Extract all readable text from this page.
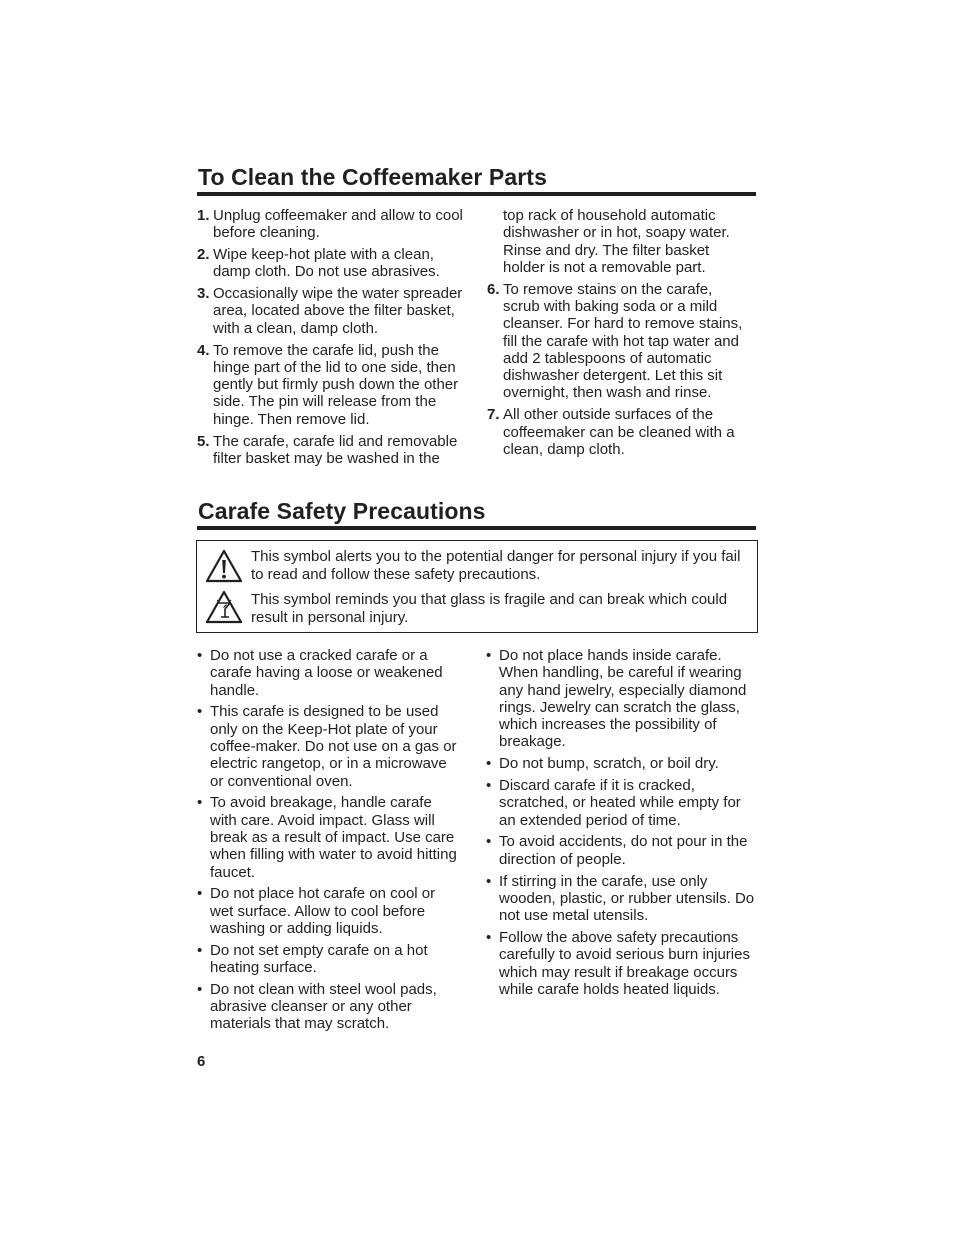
To Clean the Coffeemaker Parts
1. Unplug coffeemaker and allow to cool before cleaning.
2. Wipe keep-hot plate with a clean, damp cloth. Do not use abrasives.
3. Occasionally wipe the water spreader area, located above the filter basket, with a clean, damp cloth.
4. To remove the carafe lid, push the hinge part of the lid to one side, then gently but firmly push down the other side. The pin will release from the hinge. Then remove lid.
5. The carafe, carafe lid and removable filter basket may be washed in the
top rack of household automatic dishwasher or in hot, soapy water. Rinse and dry. The filter basket holder is not a removable part.
6. To remove stains on the carafe, scrub with baking soda or a mild cleanser. For hard to remove stains, fill the carafe with hot tap water and add 2 tablespoons of automatic dishwasher detergent. Let this sit overnight, then wash and rinse.
7. All other outside surfaces of the coffeemaker can be cleaned with a clean, damp cloth.
Carafe Safety Precautions
This symbol alerts you to the potential danger for personal injury if you fail to read and follow these safety precautions.
This symbol reminds you that glass is fragile and can break which could result in personal injury.
• Do not use a cracked carafe or a carafe having a loose or weakened handle.
• This carafe is designed to be used only on the Keep-Hot plate of your coffee-maker. Do not use on a gas or electric rangetop, or in a microwave or conventional oven.
• To avoid breakage, handle carafe with care. Avoid impact. Glass will break as a result of impact. Use care when filling with water to avoid hitting faucet.
• Do not place hot carafe on cool or wet surface. Allow to cool before washing or adding liquids.
• Do not set empty carafe on a hot heating surface.
• Do not clean with steel wool pads, abrasive cleanser or any other materials that may scratch.
• Do not place hands inside carafe. When handling, be careful if wearing any hand jewelry, especially diamond rings. Jewelry can scratch the glass, which increases the possibility of breakage.
• Do not bump, scratch, or boil dry.
• Discard carafe if it is cracked, scratched, or heated while empty for an extended period of time.
• To avoid accidents, do not pour in the direction of people.
• If stirring in the carafe, use only wooden, plastic, or rubber utensils. Do not use metal utensils.
• Follow the above safety precautions carefully to avoid serious burn injuries which may result if breakage occurs while carafe holds heated liquids.
6
